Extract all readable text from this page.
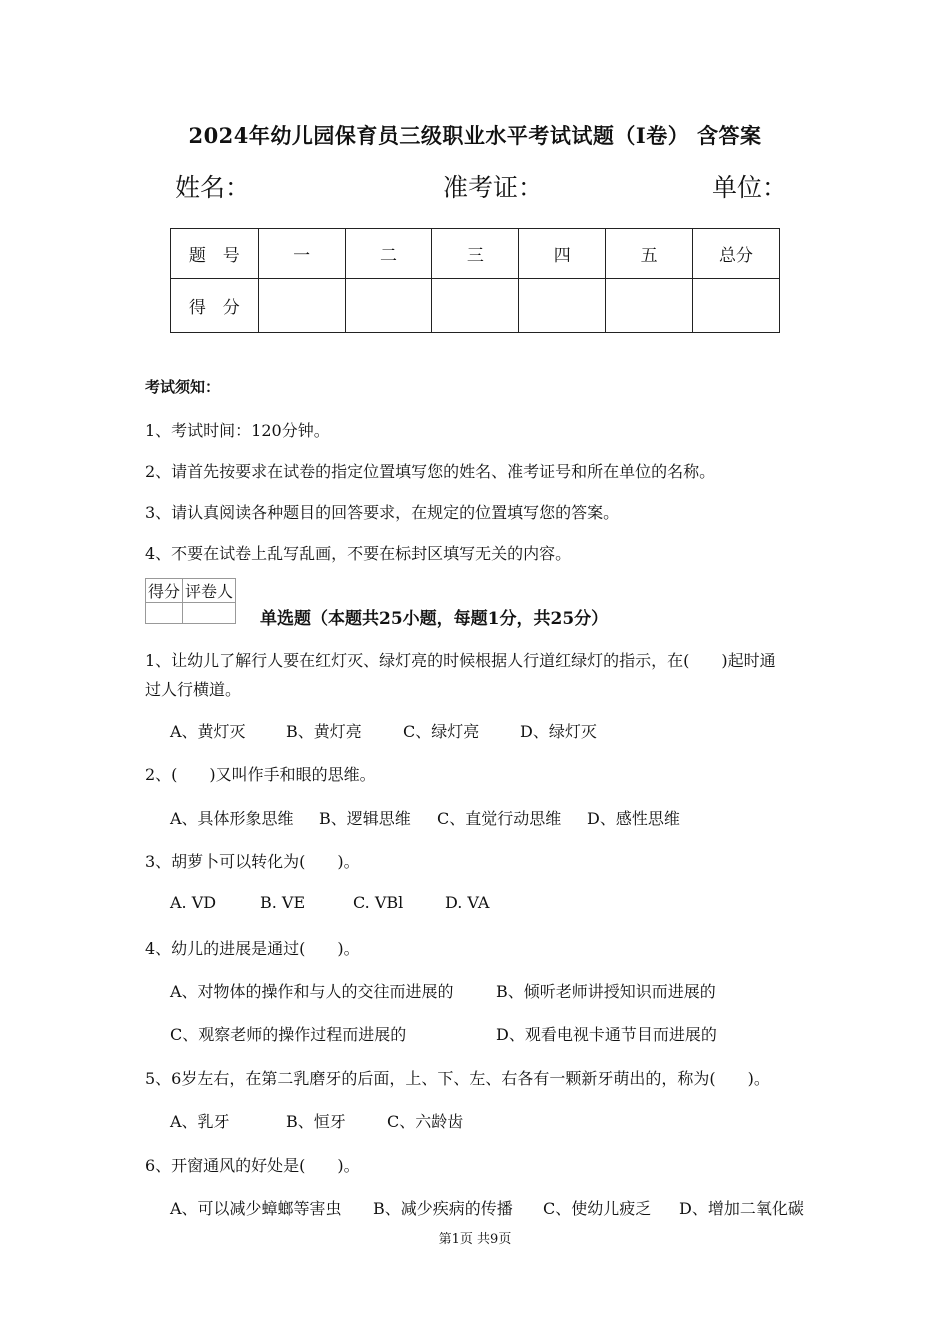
2024年幼儿园保育员三级职业水平考试试题（I卷） 含答案
姓名：	准考证：	单位：
题　号	一	二	三	四	五	总分
得　分						
考试须知：
1、考试时间：120分钟。
2、请首先按要求在试卷的指定位置填写您的姓名、准考证号和所在单位的名称。
3、请认真阅读各种题目的回答要求，在规定的位置填写您的答案。
4、不要在试卷上乱写乱画，不要在标封区填写无关的内容。
得分	评卷人

单选题（本题共25小题，每题1分，共25分）
1、让幼儿了解行人要在红灯灭、绿灯亮的时候根据人行道红绿灯的指示，在(　　)起时通
过人行横道。
A、黄灯灭	B、黄灯亮	C、绿灯亮	D、绿灯灭
2、(　　)又叫作手和眼的思维。
A、具体形象思维 B、逻辑思维 C、直觉行动思维 D、感性思维
3、胡萝卜可以转化为(　　)。
A. VD	B. VE	C. VBl	D. VA
4、幼儿的进展是通过(　　)。
A、对物体的操作和与人的交往而进展的	B、倾听老师讲授知识而进展的
C、观察老师的操作过程而进展的	D、观看电视卡通节目而进展的
5、6岁左右，在第二乳磨牙的后面，上、下、左、右各有一颗新牙萌出的，称为(　　)。
A、乳牙	B、恒牙	C、六龄齿
6、开窗通风的好处是(　　)。
A、可以减少蟑螂等害虫 B、减少疾病的传播 C、使幼儿疲乏 D、增加二氧化碳
第1页 共9页
